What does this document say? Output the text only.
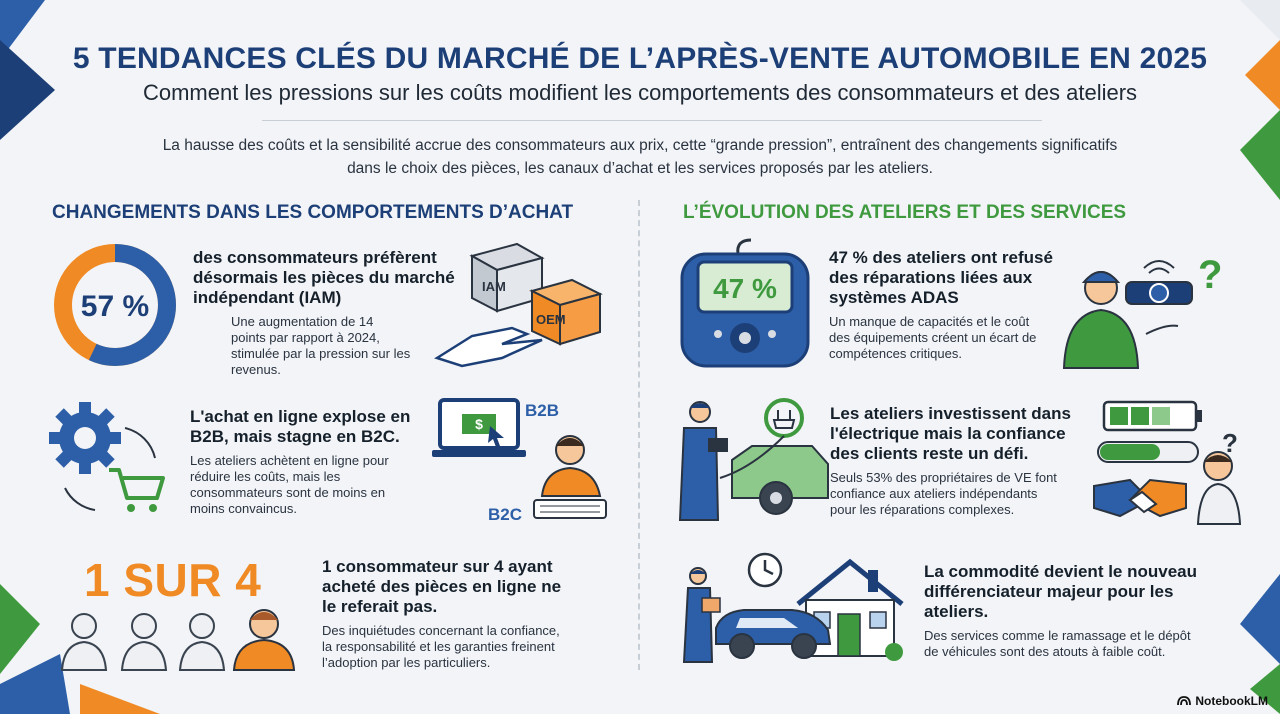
5 TENDANCES CLÉS DU MARCHÉ DE L’APRÈS-VENTE AUTOMOBILE EN 2025
Comment les pressions sur les coûts modifient les comportements des consommateurs et des ateliers
La hausse des coûts et la sensibilité accrue des consommateurs aux prix, cette “grande pression”, entraînent des changements significatifs dans le choix des pièces, les canaux d’achat et les services proposés par les ateliers.
CHANGEMENTS DANS LES COMPORTEMENTS D’ACHAT	L’ÉVOLUTION DES ATELIERS ET DES SERVICES
57 %
des consommateurs préfèrent désormais les pièces du marché indépendant (IAM)
Une augmentation de 14 points par rapport à 2024, stimulée par la pression sur les revenus.
IAM
OEM
L'achat en ligne explose en B2B, mais stagne en B2C.
Les ateliers achètent en ligne pour réduire les coûts, mais les consommateurs sont de moins en moins convaincus.
$
B2B
B2C
1 SUR 4	1 consommateur sur 4 ayant acheté des pièces en ligne ne le referait pas.
Des inquiétudes concernant la confiance, la responsabilité et les garanties freinent l’adoption par les particuliers.
47 %
47 % des ateliers ont refusé des réparations liées aux systèmes ADAS
Un manque de capacités et le coût des équipements créent un écart de compétences critiques.
?
Les ateliers investissent dans l'électrique mais la confiance des clients reste un défi.
Seuls 53% des propriétaires de VE font confiance aux ateliers indépendants pour les réparations complexes.
?
La commodité devient le nouveau différenciateur majeur pour les ateliers.
Des services comme le ramassage et le dépôt de véhicules sont des atouts à faible coût.
NotebookLM
